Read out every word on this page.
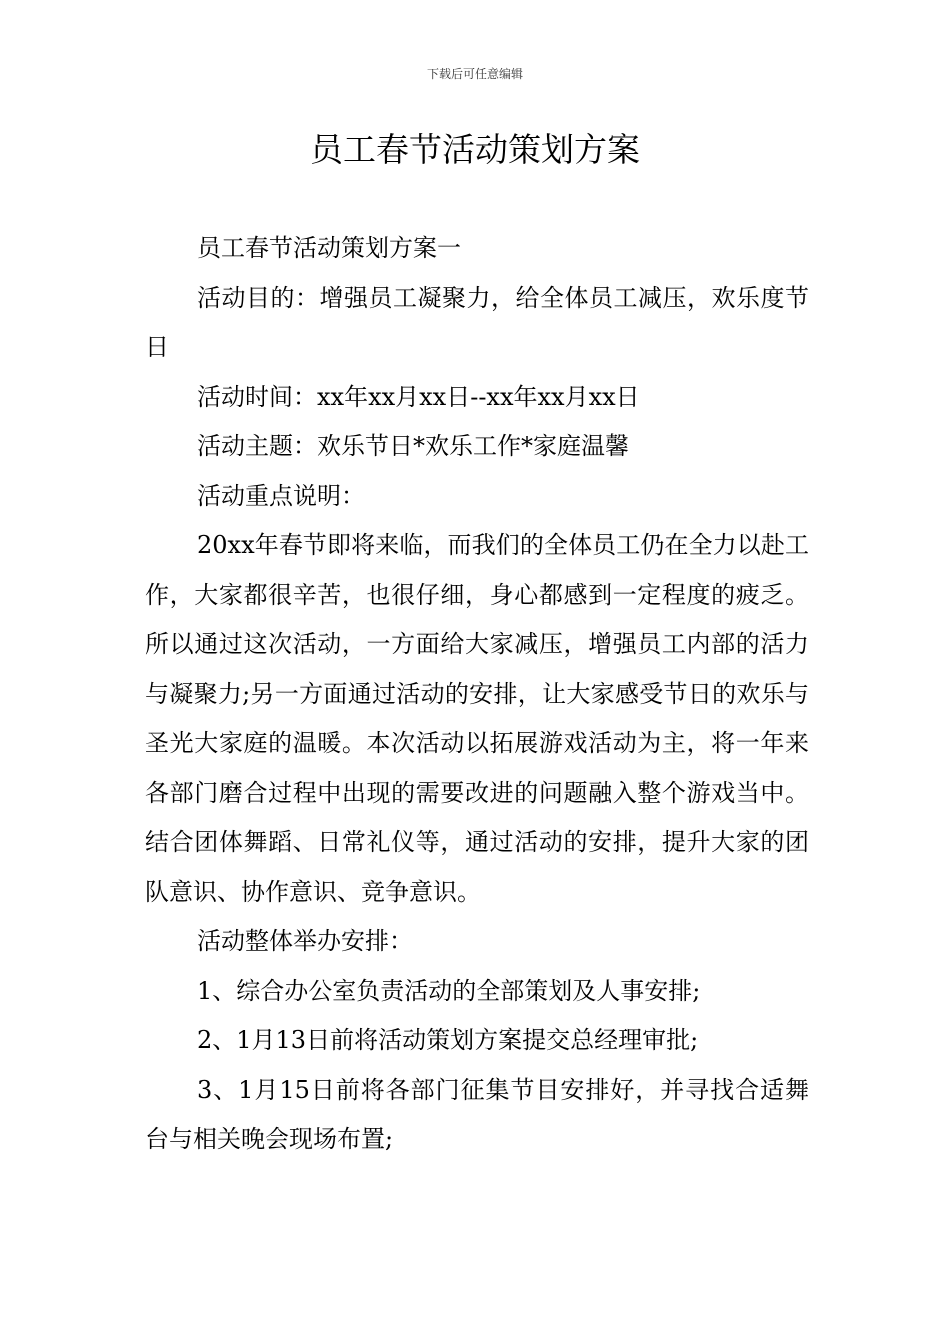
下载后可任意编辑
员工春节活动策划方案

员工春节活动策划方案一

活动目的：增强员工凝聚力，给全体员工减压，欢乐度节日

活动时间：xx年xx月xx日--xx年xx月xx日

活动主题：欢乐节日*欢乐工作*家庭温馨

活动重点说明：

20xx年春节即将来临，而我们的全体员工仍在全力以赴工作，大家都很辛苦，也很仔细，身心都感到一定程度的疲乏。所以通过这次活动，一方面给大家减压，增强员工内部的活力与凝聚力;另一方面通过活动的安排，让大家感受节日的欢乐与圣光大家庭的温暖。本次活动以拓展游戏活动为主，将一年来各部门磨合过程中出现的需要改进的问题融入整个游戏当中。结合团体舞蹈、日常礼仪等，通过活动的安排，提升大家的团队意识、协作意识、竞争意识。

活动整体举办安排：

1、综合办公室负责活动的全部策划及人事安排;

2、1月13日前将活动策划方案提交总经理审批;

3、1月15日前将各部门征集节目安排好，并寻找合适舞台与相关晚会现场布置;
